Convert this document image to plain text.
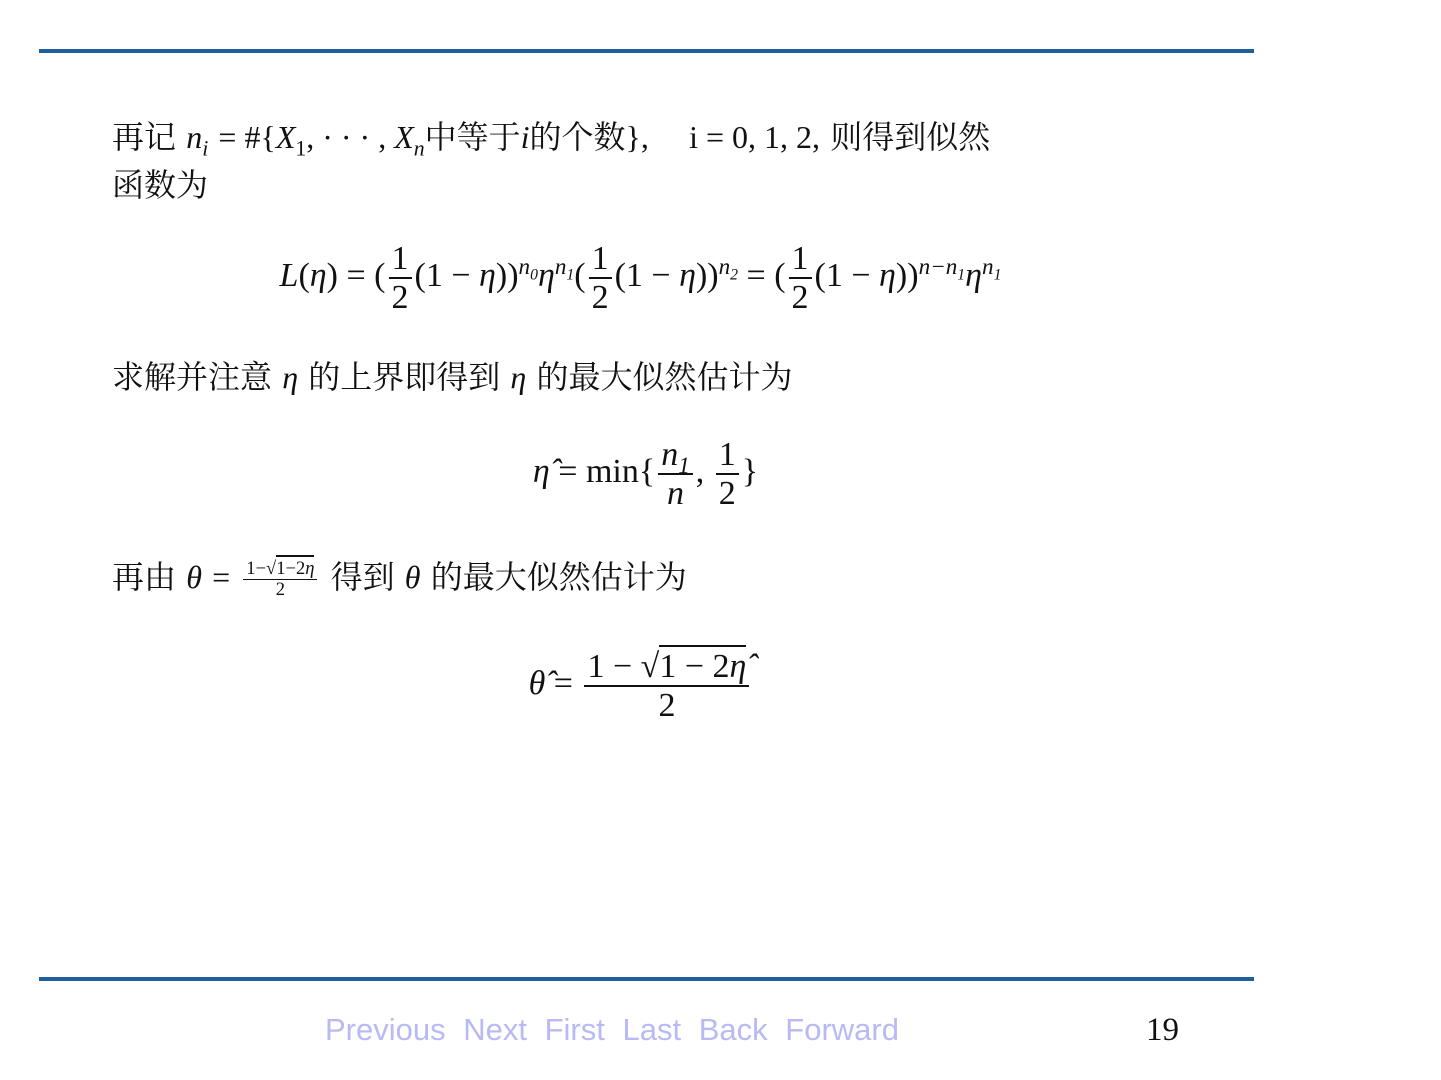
再记 $n_i$ = $\#\{X_1$, · · · , $X_n$中等于i的个数}, i = 0, 1, 2, 则得到似然
函数为
L(η) = ( $\frac{1}{2} (1 - \eta))^{n_0}\eta^{n_1}( \frac{1}{2} (1 - \eta))^{n_2}$ = ( $\frac{1}{2} (1 - \eta))^{n-n_1}\eta^{n_1}$
求解并注意 η 的上界即得到 η 的最大似然估计为
η̂ = $\min\{ \frac{n_1}{n}$ , $\frac{1}{2}$ }
再由 $\theta = \frac{1-√1-2\eta}{2}$ 得到 θ 的最大似然估计为
θ̂ = $\frac{1 - √1 - 2\etâ}{2}$
Previous Next First Last Back Forward	19
